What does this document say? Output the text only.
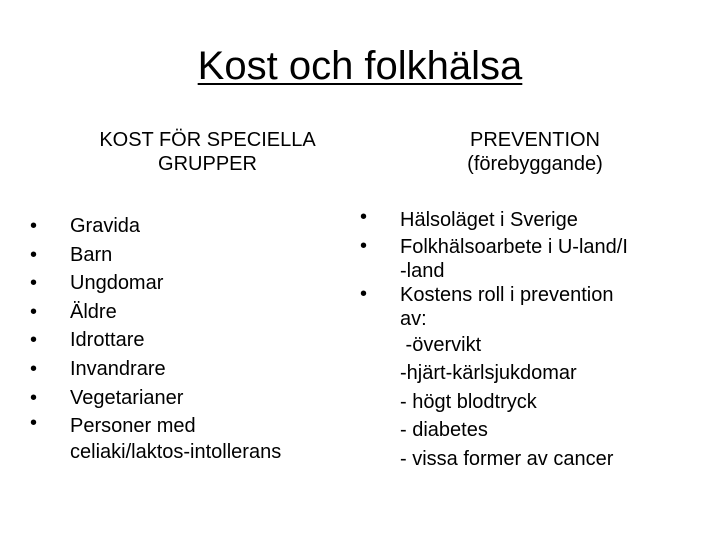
Kost och folkhälsa
KOST FÖR SPECIELLA
GRUPPER
PREVENTION
(förebyggande)
• Gravida
• Barn
• Ungdomar
• Äldre
• Idrottare
• Invandrare
• Vegetarianer
• Personer med
celiaki/laktos-intollerans
• Hälsoläget i Sverige
• Folkhälsoarbete i U-land/I
-land
• Kostens roll i prevention
av:
-övervikt
-hjärt-kärlsjukdomar
- högt blodtryck
- diabetes
- vissa former av cancer
